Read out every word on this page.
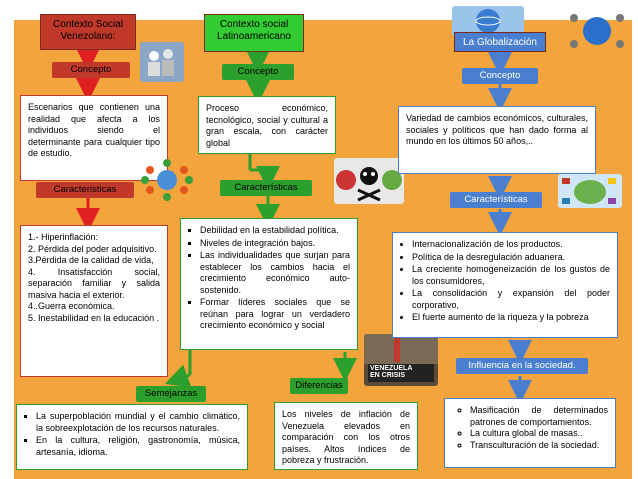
Contexto Social
Venezolano:
Concepto
Escenarios que contienen una realidad que afecta a los individuos siendo el determinante para cualquier tipo de estudio.
Caracteristicas
1.- Hiperinflación:
2. Pérdida del poder adquisitivo.
3.Pérdida de la calidad de vida,
4. Insatisfacción social, separación familiar y salida masiva hacia el exterior.
4..Guerra económica.
5. Inestabilidad en la educación .
Contexto social
Latinoamericano
Concepto
Proceso económico, tecnológico, social y cultural a gran escala, con carácter global
Características
▪ Debilidad en la estabilidad política.
▪ Niveles de integración bajos.
▪ Las individualidades que surjan para establecer los cambios hacia el crecimiento económico auto-sostenido.
▪ Formar líderes sociales que se reúnan para lograr un verdadero crecimiento económico y social
VENEZUELA
EN CRISIS
Diferencias
Los niveles de inflación de Venezuela elevados en comparación con los otros países. Altos índices de pobreza y frustración.
Semejanzas
▪ La superpoblación mundial y el cambio climático, la sobreexplotación de los recursos naturales.
▪ En la cultura, religión, gastronomía, música, artesanía, idioma.
La Globalización
Concepto
Variedad de cambios económicos, culturales, sociales y políticos que han dado forma al mundo en los últimos 50 años,..
Características
• Internacionalización de los productos.
• Política de la desregulación aduanera.
• La creciente homogeneización de los gustos de los consumidores,
• La consolidación y expansión del poder corporativo,
• El fuerte aumento de la riqueza y la pobreza
Influencia en la sociedad.
◦ Masificación de determinados patrones de comportamientos.
◦ La cultura global de masas..
◦ Transculturación de la sociedad.
